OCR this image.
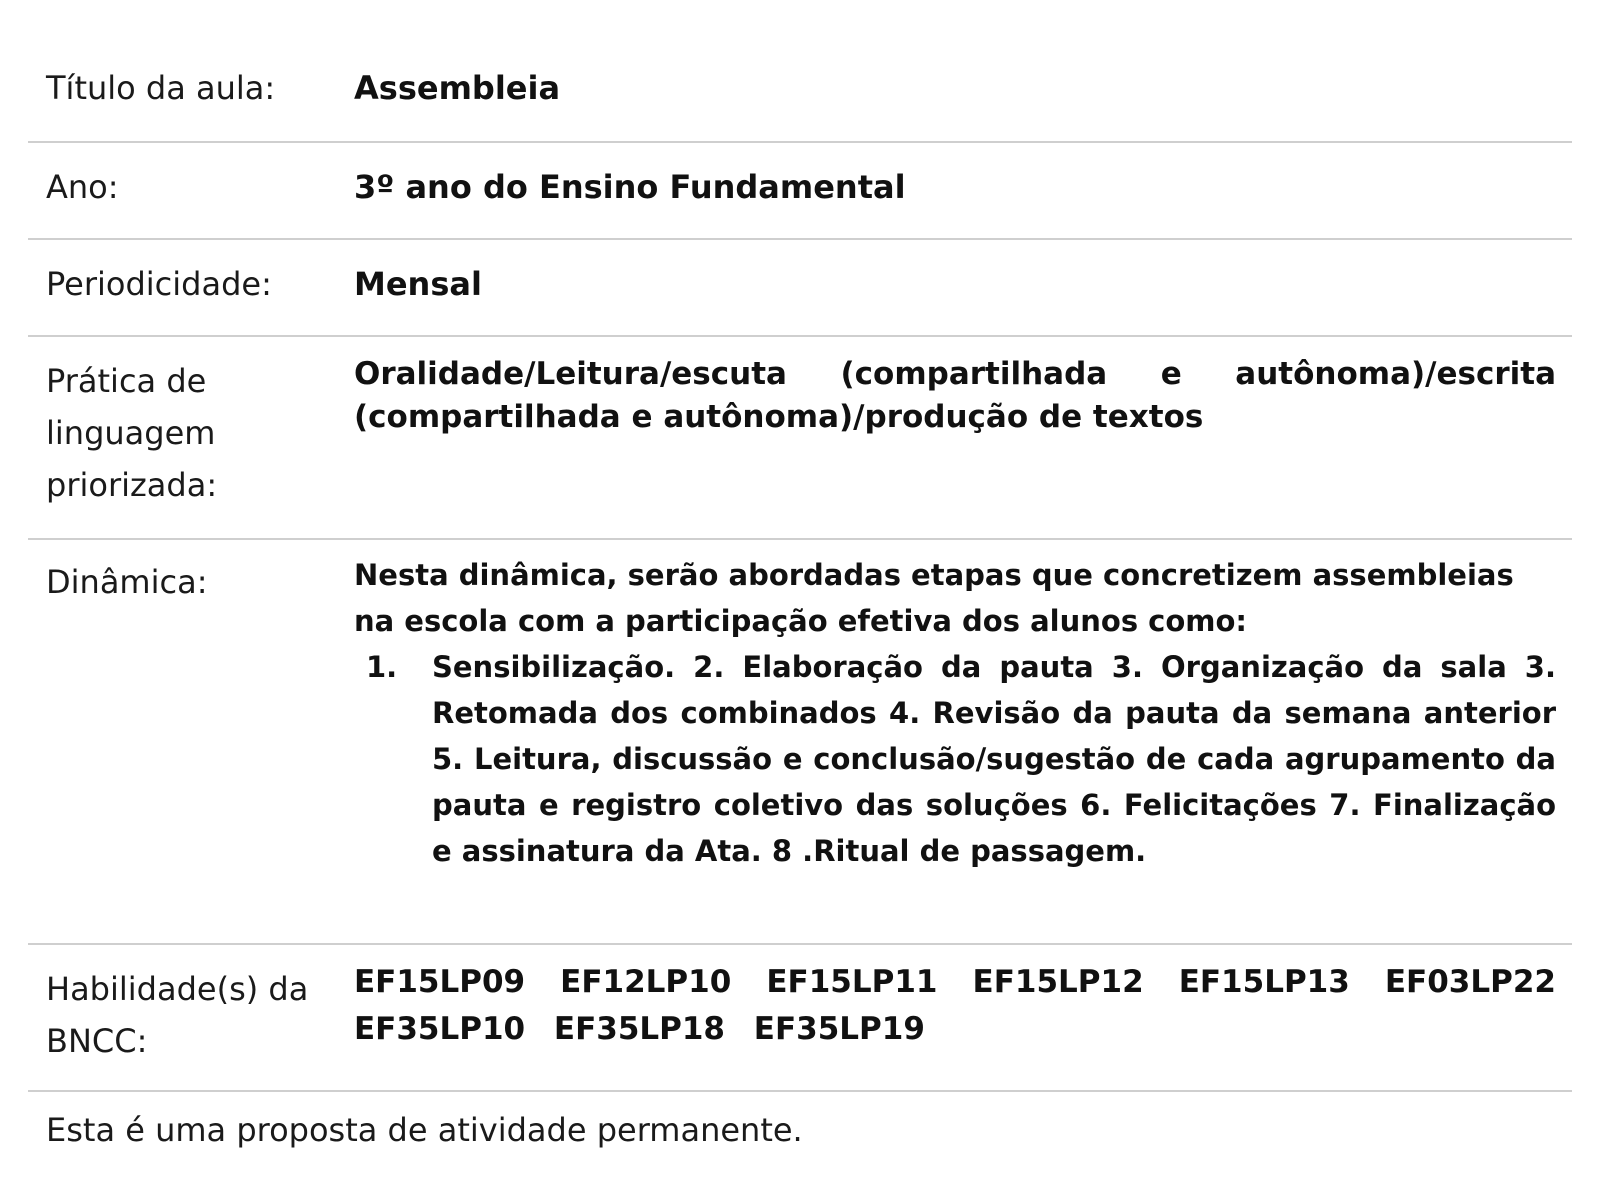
Título da aula:	Assembleia
Ano:	3º ano do Ensino Fundamental
Periodicidade:	Mensal
Prática de linguagem priorizada:
Oralidade/Leitura/escuta (compartilhada e autônoma)/escrita (compartilhada e autônoma)/produção de textos
Dinâmica:	Nesta dinâmica, serão abordadas etapas que concretizem assembleias na escola com a participação efetiva dos alunos como:
1.	Sensibilização. 2. Elaboração da pauta 3. Organização da sala 3. Retomada dos combinados 4. Revisão da pauta da semana anterior 5. Leitura, discussão e conclusão/sugestão de cada agrupamento da pauta e registro coletivo das soluções 6. Felicitações 7. Finalização e assinatura da Ata. 8 .Ritual de passagem.
Habilidade(s) da BNCC:
EF15LP09 EF12LP10 EF15LP11 EF15LP12 EF15LP13 EF03LP22 EF35LP10 EF35LP18 EF35LP19
Esta é uma proposta de atividade permanente.
